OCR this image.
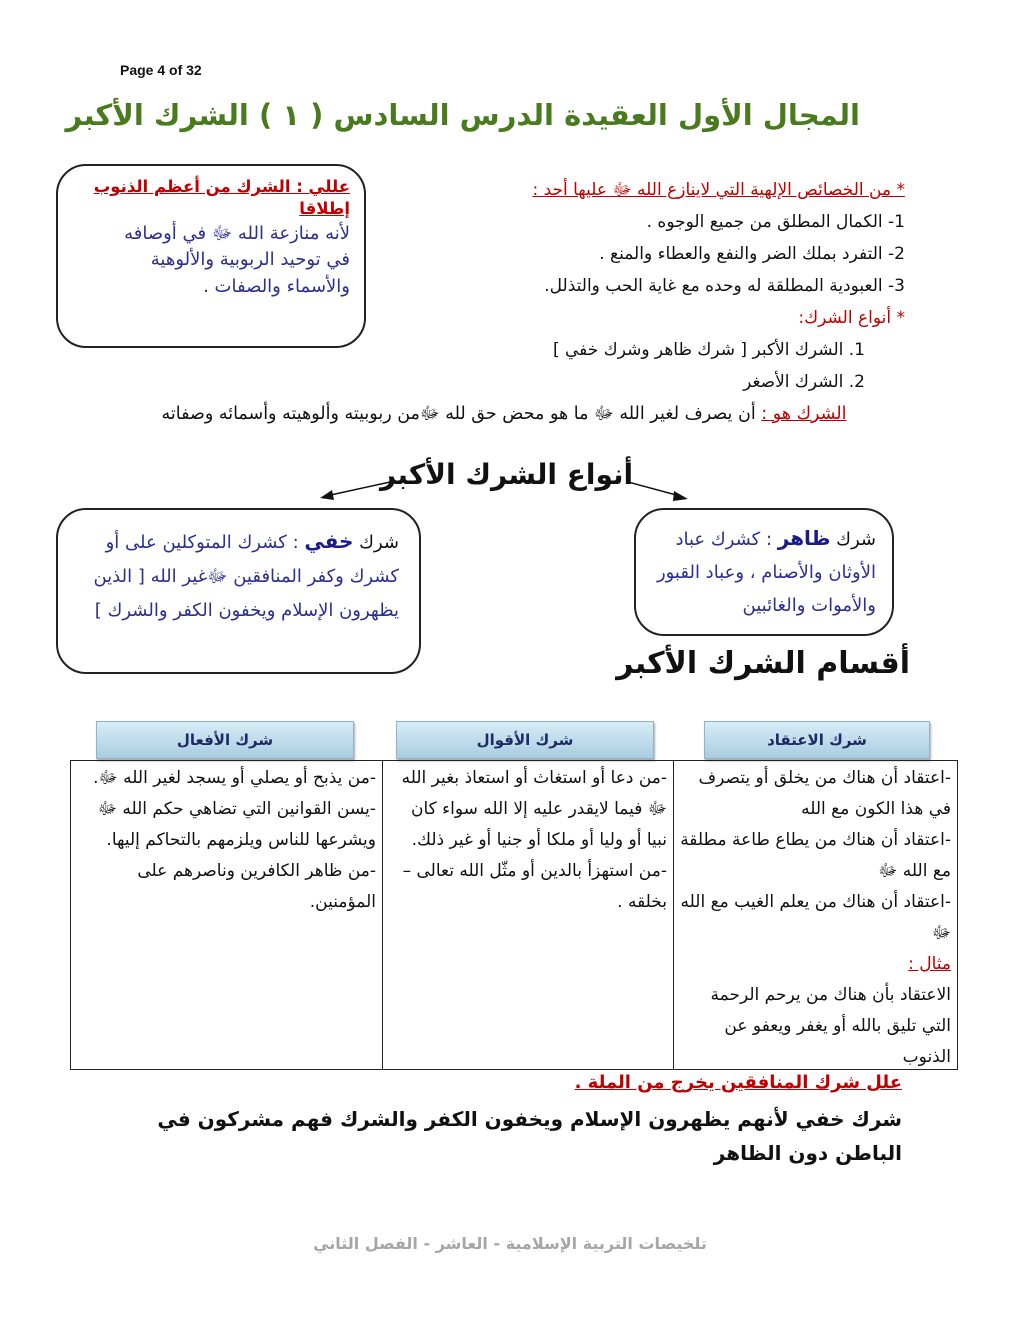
Page 4 of 32
المجال الأول العقيدة الدرس السادس ( ١ ) الشرك الأكبر
عللي : الشرك من أعظم الذنوب إطلاقا
لأنه منازعة الله ﷻ في أوصافه
في توحيد الربوبية والألوهية
والأسماء والصفات .
* من الخصائص الإلهية التي لاينازع الله ﷻ عليها أحد :
1- الكمال المطلق من جميع الوجوه .
2- التفرد بملك الضر والنفع والعطاء والمنع .
3- العبودية المطلقة له وحده مع غاية الحب والتذلل.
* أنواع الشرك:
1. الشرك الأكبر [ شرك ظاهر وشرك خفي ]
2. الشرك الأصغر
الشرك هو : أن يصرف لغير الله ﷻ ما هو محض حق لله ﷻمن ربوبيته وألوهيته وأسمائه وصفاته
أنواع الشرك الأكبر
شرك خفي : كشرك المتوكلين على أو كشرك وكفر المنافقين ﷻغير الله [ الذين يظهرون الإسلام ويخفون الكفر والشرك ]
شرك ظاهر : كشرك عباد الأوثان والأصنام ، وعباد القبور والأموات والغائبين
أقسام الشرك الأكبر
شرك الاعتقاد
شرك الأقوال
شرك الأفعال
-اعتقاد أن هناك من يخلق أو يتصرف في هذا الكون مع الله
-اعتقاد أن هناك من يطاع طاعة مطلقة مع الله ﷻ
-اعتقاد أن هناك من يعلم الغيب مع الله ﷻ
مثال :
الاعتقاد بأن هناك من يرحم الرحمة التي تليق بالله أو يغفر ويعفو عن الذنوب
-من دعا أو استغاث أو استعاذ بغير الله ﷻ فيما لايقدر عليه إلا الله سواء كان نبيا أو وليا أو ملكا أو جنيا أو غير ذلك.
-من استهزأ بالدين أو مثّل الله تعالى – بخلقه .
-من يذبح أو يصلي أو يسجد لغير الله ﷻ.
-يسن القوانين التي تضاهي حكم الله ﷻ ويشرعها للناس ويلزمهم بالتحاكم إليها.
-من ظاهر الكافرين وناصرهم على المؤمنين.
علل شرك المنافقين يخرج من الملة .
شرك خفي لأنهم يظهرون الإسلام ويخفون الكفر والشرك فهم مشركون في الباطن دون الظاهر
تلخيصات التربية الإسلامية - العاشر - الفصل الثاني
